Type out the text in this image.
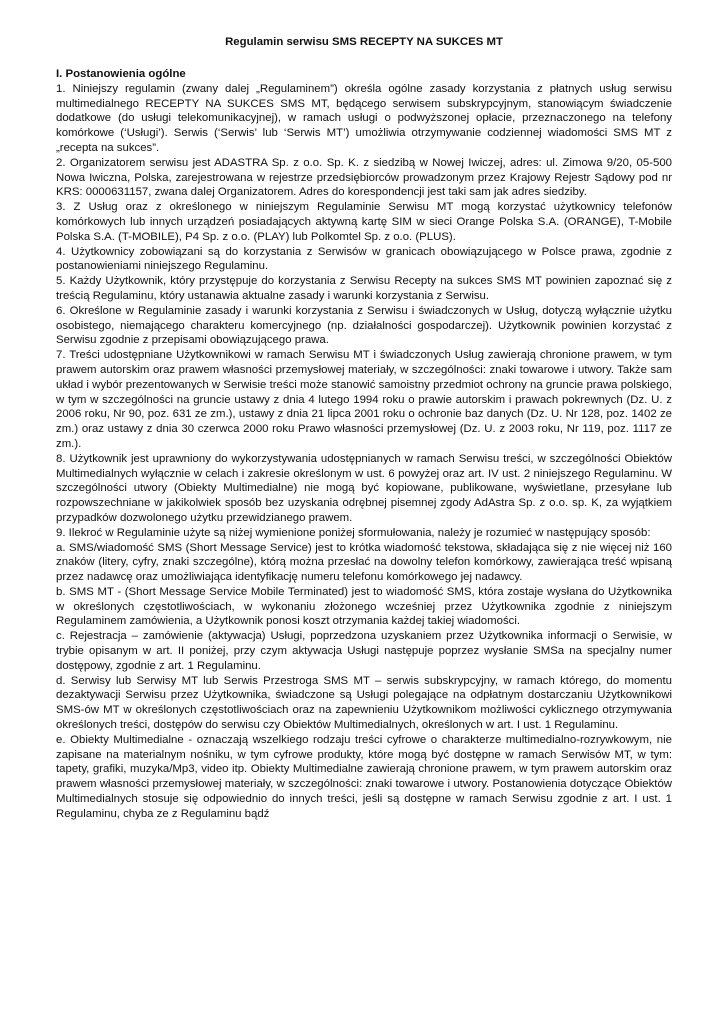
Regulamin serwisu SMS RECEPTY NA SUKCES MT
I. Postanowienia ogólne

1. Niniejszy regulamin (zwany dalej „Regulaminem”) określa ogólne zasady korzystania z płatnych usług serwisu multimedialnego RECEPTY NA SUKCES SMS MT, będącego serwisem subskrypcyjnym, stanowiącym świadczenie dodatkowe (do usługi telekomunikacyjnej), w ramach usługi o podwyższonej opłacie, przeznaczonego na telefony komórkowe (‘Usługi’). Serwis (‘Serwis’ lub ‘Serwis MT’) umożliwia otrzymywanie codziennej wiadomości SMS MT z „recepta na sukces”.

2. Organizatorem serwisu jest ADASTRA Sp. z o.o. Sp. K. z siedzibą w Nowej Iwiczej, adres: ul. Zimowa 9/20, 05-500 Nowa Iwiczna, Polska, zarejestrowana w rejestrze przedsiębiorców prowadzonym przez Krajowy Rejestr Sądowy pod nr KRS: 0000631157, zwana dalej Organizatorem. Adres do korespondencji jest taki sam jak adres siedziby.

3. Z Usług oraz z określonego w niniejszym Regulaminie Serwisu MT mogą korzystać użytkownicy telefonów komórkowych lub innych urządzeń posiadających aktywną kartę SIM w sieci Orange Polska S.A. (ORANGE), T-Mobile Polska S.A. (T-MOBILE), P4 Sp. z o.o. (PLAY) lub Polkomtel Sp. z o.o. (PLUS).

4. Użytkownicy zobowiązani są do korzystania z Serwisów w granicach obowiązującego w Polsce prawa, zgodnie z postanowieniami niniejszego Regulaminu.

5. Każdy Użytkownik, który przystępuje do korzystania z Serwisu Recepty na sukces SMS MT powinien zapoznać się z treścią Regulaminu, który ustanawia aktualne zasady i warunki korzystania z Serwisu.

6. Określone w Regulaminie zasady i warunki korzystania z Serwisu i świadczonych w Usług, dotyczą wyłącznie użytku osobistego, niemającego charakteru komercyjnego (np. działalności gospodarczej). Użytkownik powinien korzystać z Serwisu zgodnie z przepisami obowiązującego prawa.

7. Treści udostępniane Użytkownikowi w ramach Serwisu MT i świadczonych Usług zawierają chronione prawem, w tym prawem autorskim oraz prawem własności przemysłowej materiały, w szczególności: znaki towarowe i utwory. Także sam układ i wybór prezentowanych w Serwisie treści może stanowić samoistny przedmiot ochrony na gruncie prawa polskiego, w tym w szczególności na gruncie ustawy z dnia 4 lutego 1994 roku o prawie autorskim i prawach pokrewnych (Dz. U. z 2006 roku, Nr 90, poz. 631 ze zm.), ustawy z dnia 21 lipca 2001 roku o ochronie baz danych (Dz. U. Nr 128, poz. 1402 ze zm.) oraz ustawy z dnia 30 czerwca 2000 roku Prawo własności przemysłowej (Dz. U. z 2003 roku, Nr 119, poz. 1117 ze zm.).

8. Użytkownik jest uprawniony do wykorzystywania udostępnianych w ramach Serwisu treści, w szczególności Obiektów Multimedialnych wyłącznie w celach i zakresie określonym w ust. 6 powyżej oraz art. IV ust. 2 niniejszego Regulaminu. W szczególności utwory (Obiekty Multimedialne) nie mogą być kopiowane, publikowane, wyświetlane, przesyłane lub rozpowszechniane w jakikolwiek sposób bez uzyskania odrębnej pisemnej zgody AdAstra Sp. z o.o. sp. K, za wyjątkiem przypadków dozwolonego użytku przewidzianego prawem.

9. Ilekroć w Regulaminie użyte są niżej wymienione poniżej sformułowania, należy je rozumieć w następujący sposób:

a. SMS/wiadomość SMS (Short Message Service) jest to krótka wiadomość tekstowa, składająca się z nie więcej niż 160 znaków (litery, cyfry, znaki szczególne), którą można przesłać na dowolny telefon komórkowy, zawierająca treść wpisaną przez nadawcę oraz umożliwiająca identyfikację numeru telefonu komórkowego jej nadawcy.

b. SMS MT - (Short Message Service Mobile Terminated) jest to wiadomość SMS, która zostaje wysłana do Użytkownika w określonych częstotliwościach, w wykonaniu złożonego wcześniej przez Użytkownika zgodnie z niniejszym Regulaminem zamówienia, a Użytkownik ponosi koszt otrzymania każdej takiej wiadomości.

c. Rejestracja – zamówienie (aktywacja) Usługi, poprzedzona uzyskaniem przez Użytkownika informacji o Serwisie, w trybie opisanym w art. II poniżej, przy czym aktywacja Usługi następuje poprzez wysłanie SMSa na specjalny numer dostępowy, zgodnie z art. 1 Regulaminu.

d. Serwisy lub Serwisy MT lub Serwis Przestroga SMS MT – serwis subskrypcyjny, w ramach którego, do momentu dezaktywacji Serwisu przez Użytkownika, świadczone są Usługi polegające na odpłatnym dostarczaniu Użytkownikowi SMS-ów MT w określonych częstotliwościach oraz na zapewnieniu Użytkownikom możliwości cyklicznego otrzymywania określonych treści, dostępów do serwisu czy Obiektów Multimedialnych, określonych w art. I ust. 1 Regulaminu.

e. Obiekty Multimedialne - oznaczają wszelkiego rodzaju treści cyfrowe o charakterze multimedialno-rozrywkowym, nie zapisane na materialnym nośniku, w tym cyfrowe produkty, które mogą być dostępne w ramach Serwisów MT, w tym: tapety, grafiki, muzyka/Mp3, video itp. Obiekty Multimedialne zawierają chronione prawem, w tym prawem autorskim oraz prawem własności przemysłowej materiały, w szczególności: znaki towarowe i utwory. Postanowienia dotyczące Obiektów Multimedialnych stosuje się odpowiednio do innych treści, jeśli są dostępne w ramach Serwisu zgodnie z art. I ust. 1 Regulaminu, chyba ze z Regulaminu bądź
